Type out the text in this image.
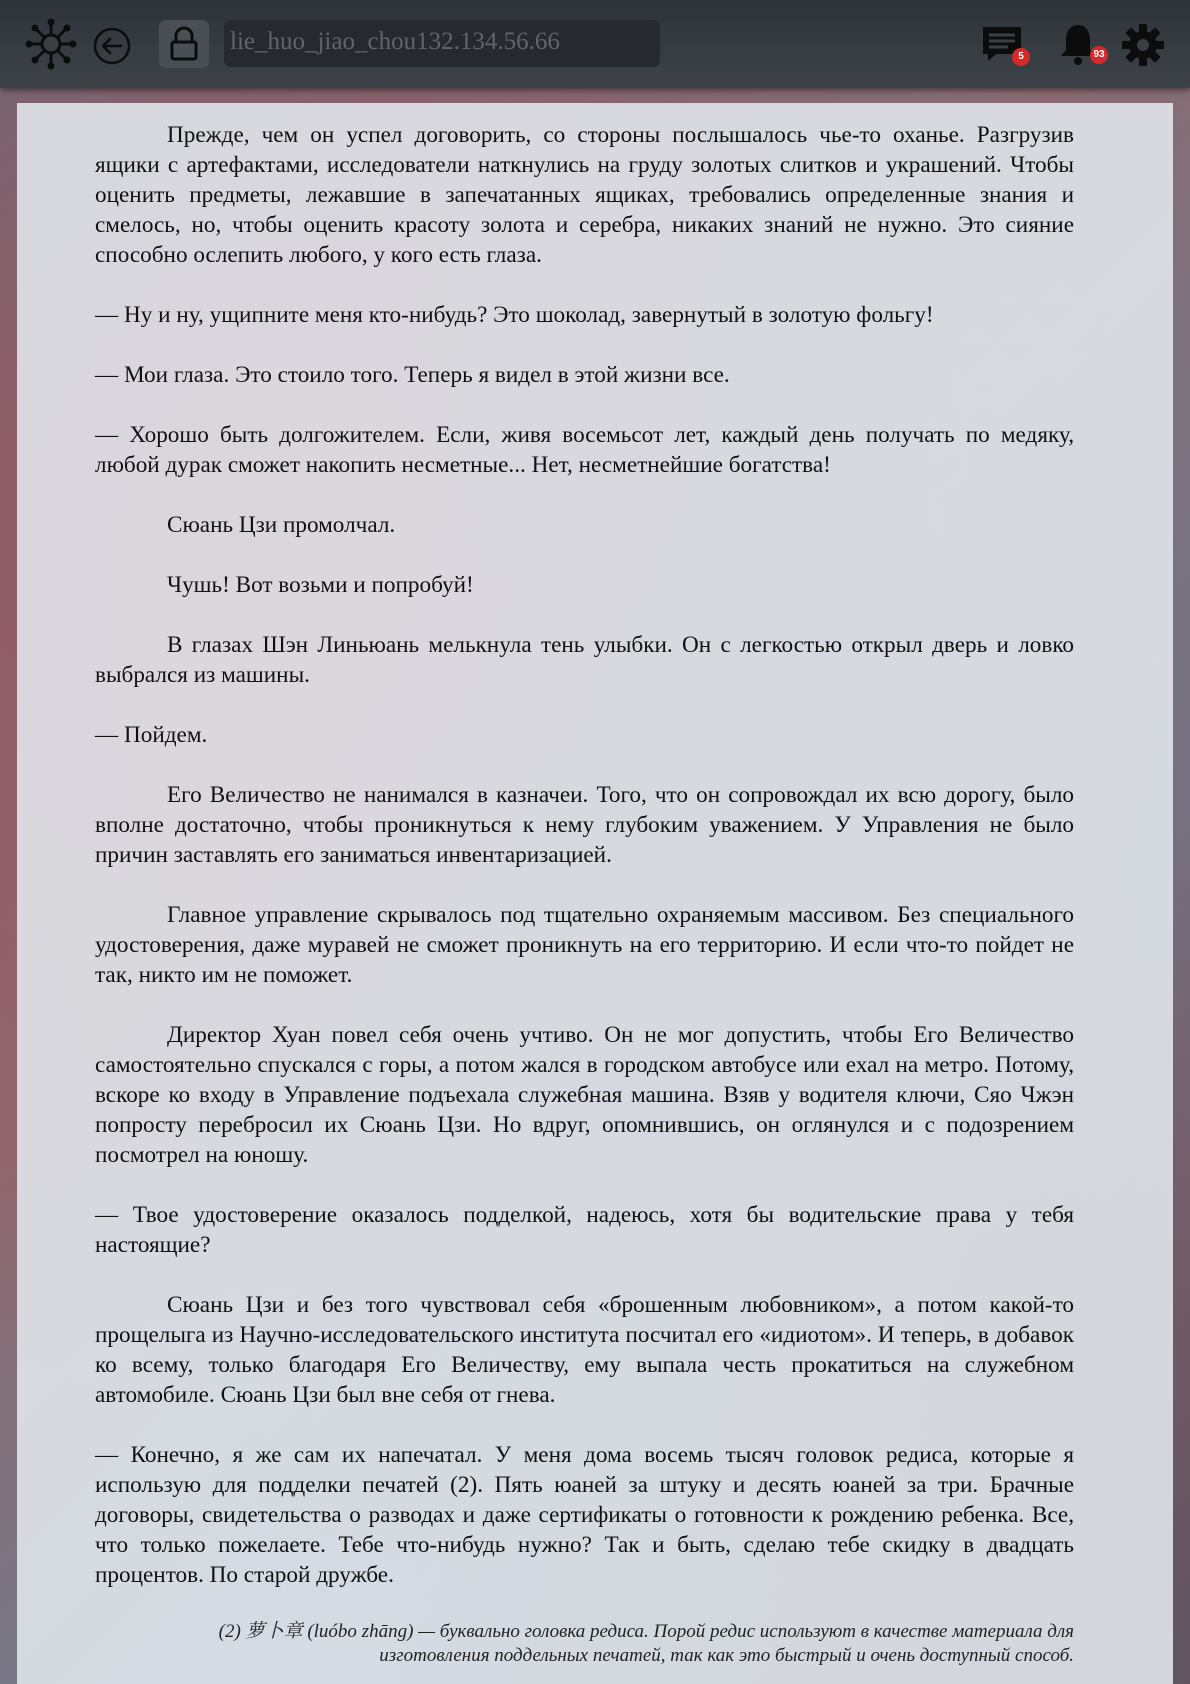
lie_huo_jiao_chou132.134.56.66
5	93

Прежде, чем он успел договорить, со стороны послышалось чье-то оханье. Разгрузив ящики с артефактами, исследователи наткнулись на груду золотых слитков и украшений. Чтобы оценить предметы, лежавшие в запечатанных ящиках, требовались определенные знания и смелось, но, чтобы оценить красоту золота и серебра, никаких знаний не нужно. Это сияние способно ослепить любого, у кого есть глаза.

— Ну и ну, ущипните меня кто-нибудь? Это шоколад, завернутый в золотую фольгу!

— Мои глаза. Это стоило того. Теперь я видел в этой жизни все.

— Хорошо быть долгожителем. Если, живя восемьсот лет, каждый день получать по медяку, любой дурак сможет накопить несметные... Нет, несметнейшие богатства!

Сюань Цзи промолчал.

Чушь! Вот возьми и попробуй!

В глазах Шэн Линьюань мелькнула тень улыбки. Он с легкостью открыл дверь и ловко выбрался из машины.

— Пойдем.

Его Величество не нанимался в казначеи. Того, что он сопровождал их всю дорогу, было вполне достаточно, чтобы проникнуться к нему глубоким уважением. У Управления не было причин заставлять его заниматься инвентаризацией.

Главное управление скрывалось под тщательно охраняемым массивом. Без специального удостоверения, даже муравей не сможет проникнуть на его территорию. И если что-то пойдет не так, никто им не поможет.

Директор Хуан повел себя очень учтиво. Он не мог допустить, чтобы Его Величество самостоятельно спускался с горы, а потом жался в городском автобусе или ехал на метро. Потому, вскоре ко входу в Управление подъехала служебная машина. Взяв у водителя ключи, Сяо Чжэн попросту перебросил их Сюань Цзи. Но вдруг, опомнившись, он оглянулся и с подозрением посмотрел на юношу.

— Твое удостоверение оказалось подделкой, надеюсь, хотя бы водительские права у тебя настоящие?

Сюань Цзи и без того чувствовал себя «брошенным любовником», а потом какой-то прощелыга из Научно-исследовательского института посчитал его «идиотом». И теперь, в добавок ко всему, только благодаря Его Величеству, ему выпала честь прокатиться на служебном автомобиле. Сюань Цзи был вне себя от гнева.

— Конечно, я же сам их напечатал. У меня дома восемь тысяч головок редиса, которые я использую для подделки печатей (2). Пять юаней за штуку и десять юаней за три. Брачные договоры, свидетельства о разводах и даже сертификаты о готовности к рождению ребенка. Все, что только пожелаете. Тебе что-нибудь нужно? Так и быть, сделаю тебе скидку в двадцать процентов. По старой дружбе.

(2) 萝卜章 (luóbo zhāng) — буквально головка редиса. Порой редис используют в качестве материала для
изготовления поддельных печатей, так как это быстрый и очень доступный способ.
